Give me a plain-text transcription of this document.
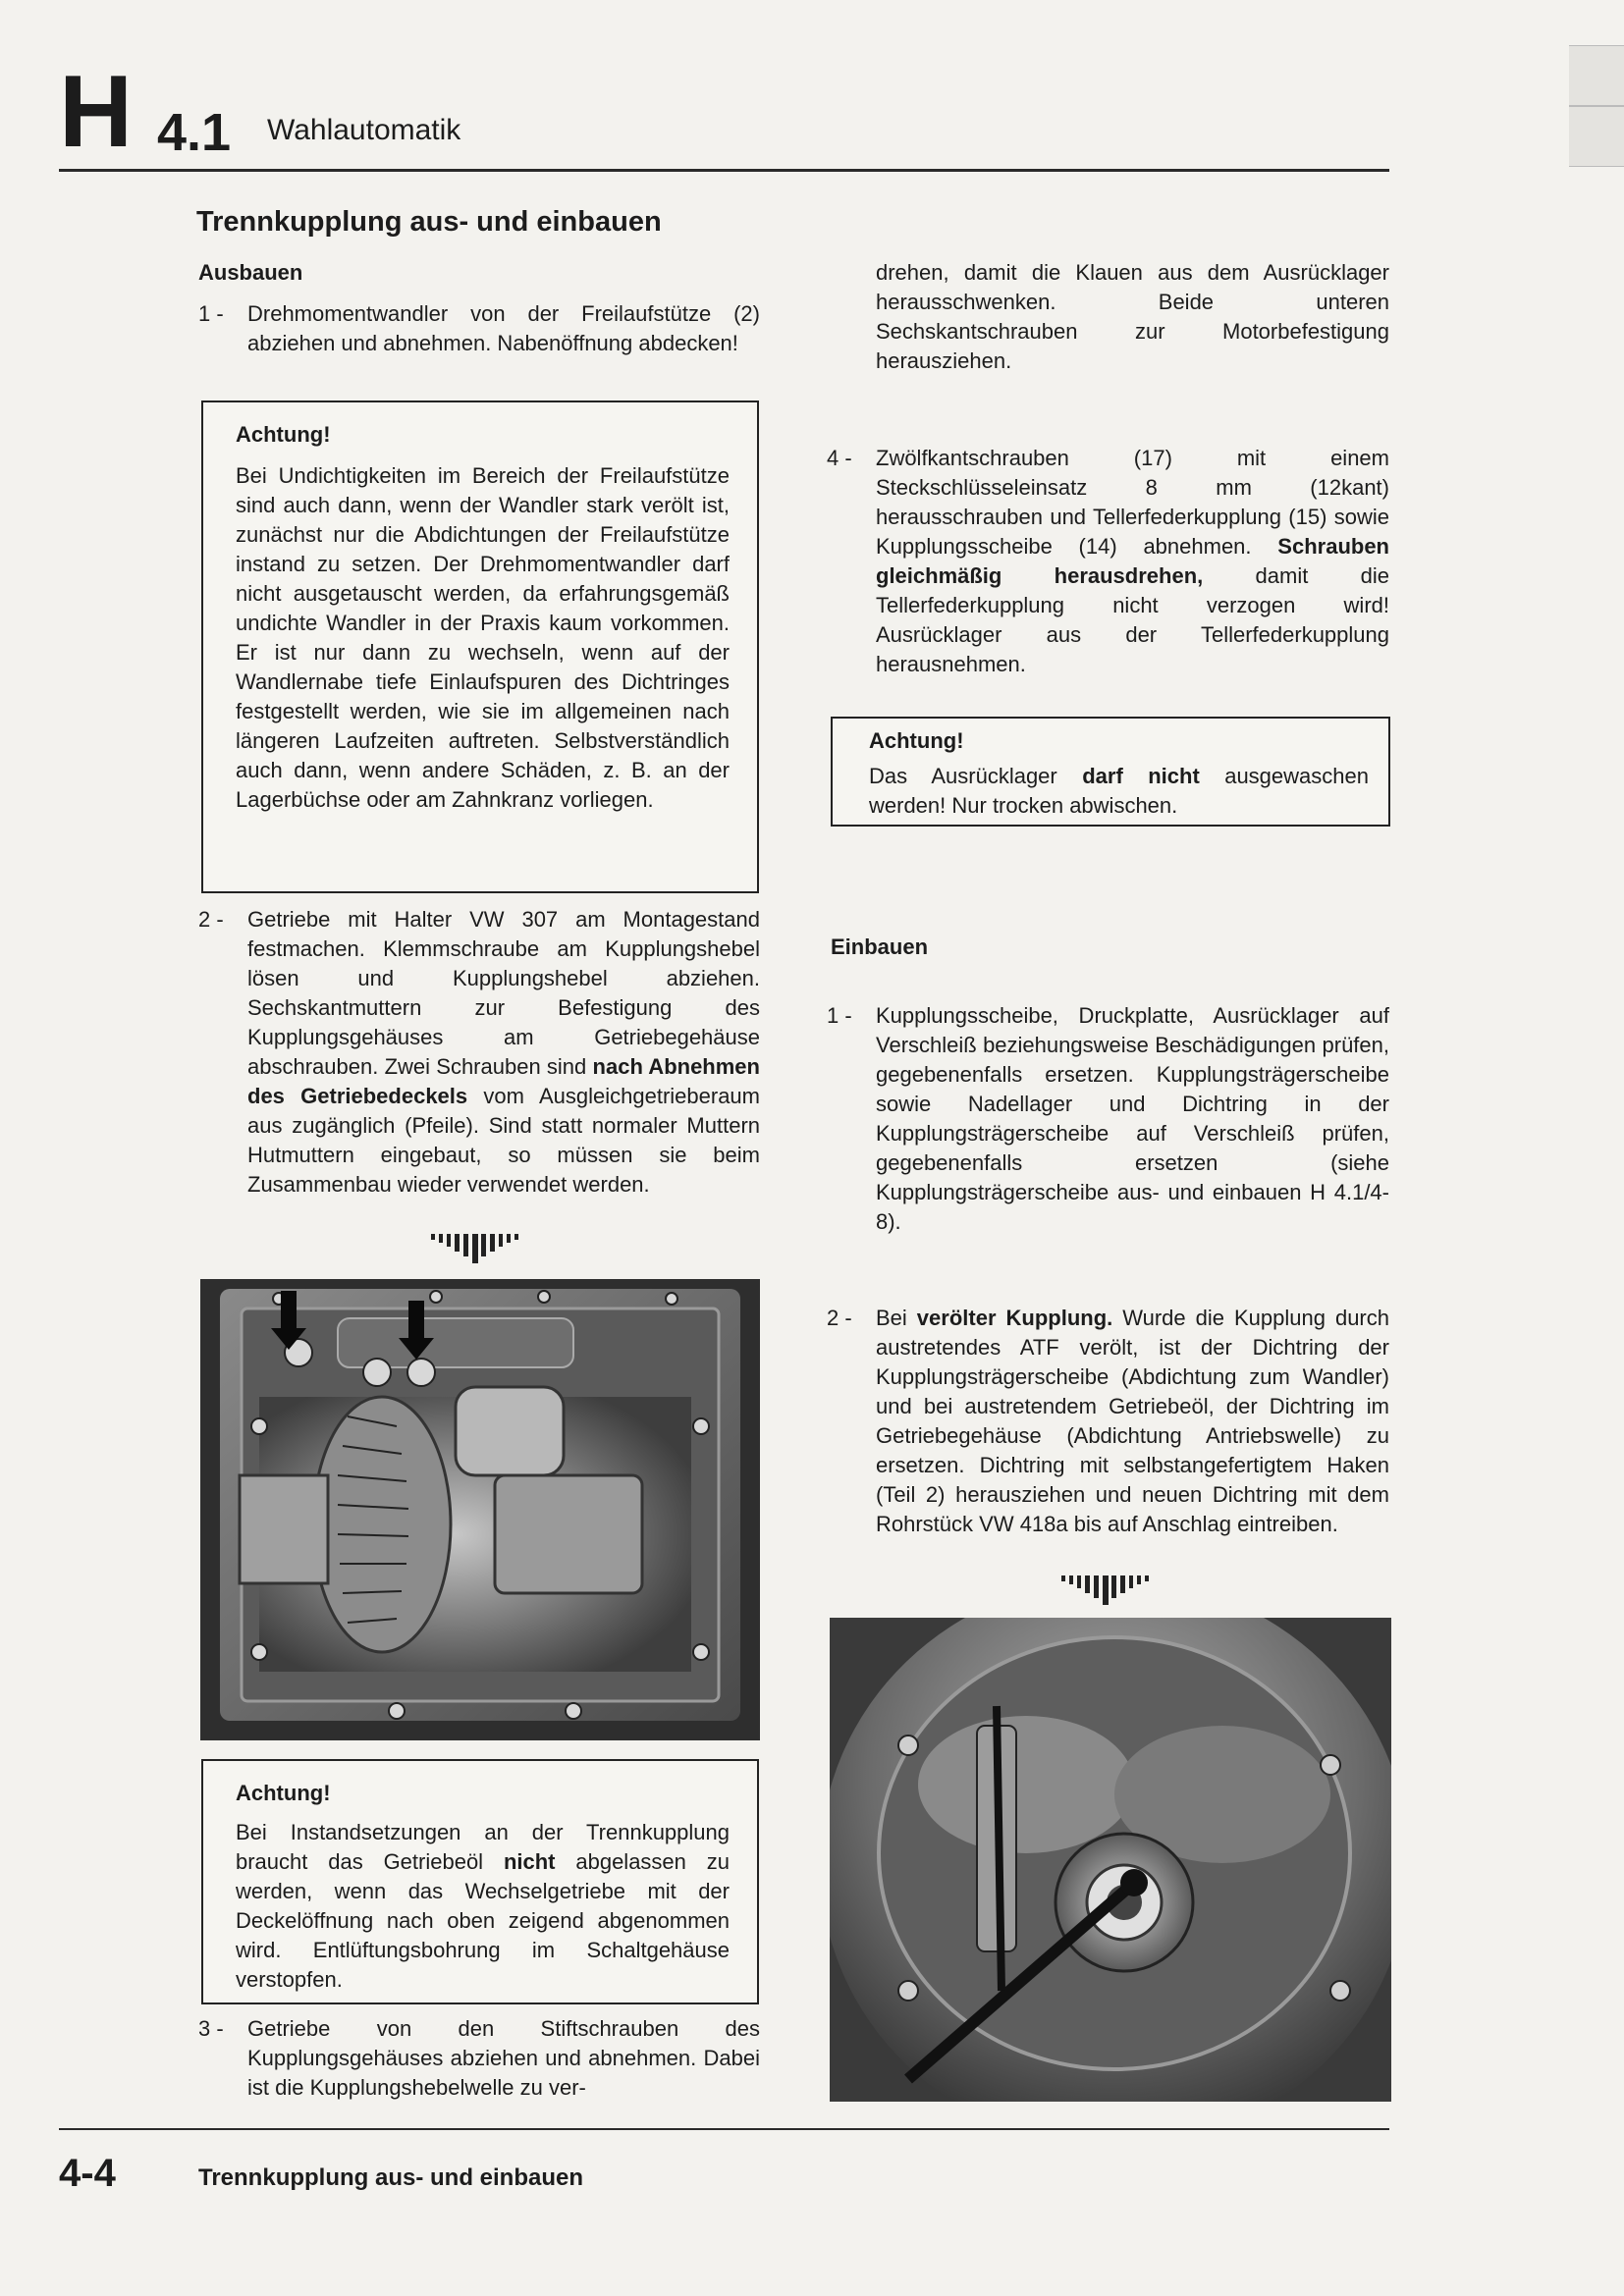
H 4.1 Wahlautomatik
Trennkupplung aus- und einbauen
Ausbauen
1 - Drehmomentwandler von der Freilaufstütze (2) abziehen und abnehmen. Nabenöffnung abdecken!
Achtung!
Bei Undichtigkeiten im Bereich der Freilaufstütze sind auch dann, wenn der Wandler stark verölt ist, zunächst nur die Abdichtungen der Freilaufstütze instand zu setzen. Der Drehmomentwandler darf nicht ausgetauscht werden, da erfahrungsgemäß undichte Wandler in der Praxis kaum vorkommen. Er ist nur dann zu wechseln, wenn auf der Wandlernabe tiefe Einlaufspuren des Dichtringes festgestellt werden, wie sie im allgemeinen nach längeren Laufzeiten auftreten. Selbstverständlich auch dann, wenn andere Schäden, z. B. an der Lagerbüchse oder am Zahnkranz vorliegen.
2 - Getriebe mit Halter VW 307 am Montagestand festmachen. Klemmschraube am Kupplungshebel lösen und Kupplungshebel abziehen. Sechskantmuttern zur Befestigung des Kupplungsgehäuses am Getriebegehäuse abschrauben. Zwei Schrauben sind nach Abnehmen des Getriebedeckels vom Ausgleichgetrieberaum aus zugänglich (Pfeile). Sind statt normaler Muttern Hutmuttern eingebaut, so müssen sie beim Zusammenbau wieder verwendet werden.
Achtung!
Bei Instandsetzungen an der Trennkupplung braucht das Getriebeöl nicht abgelassen zu werden, wenn das Wechselgetriebe mit der Deckelöffnung nach oben zeigend abgenommen wird. Entlüftungsbohrung im Schaltgehäuse verstopfen.
3 - Getriebe von den Stiftschrauben des Kupplungsgehäuses abziehen und abnehmen. Dabei ist die Kupplungshebelwelle zu ver-

drehen, damit die Klauen aus dem Ausrücklager herausschwenken. Beide unteren Sechskantschrauben zur Motorbefestigung herausziehen.

4 - Zwölfkantschrauben (17) mit einem Steckschlüsseleinsatz 8 mm (12kant) herausschrauben und Tellerfederkupplung (15) sowie Kupplungsscheibe (14) abnehmen. Schrauben gleichmäßig herausdrehen, damit die Tellerfederkupplung nicht verzogen wird! Ausrücklager aus der Tellerfederkupplung herausnehmen.
Achtung!
Das Ausrücklager darf nicht ausgewaschen werden! Nur trocken abwischen.
Einbauen
1 - Kupplungsscheibe, Druckplatte, Ausrücklager auf Verschleiß beziehungsweise Beschädigungen prüfen, gegebenenfalls ersetzen. Kupplungsträgerscheibe sowie Nadellager und Dichtring in der Kupplungsträgerscheibe auf Verschleiß prüfen, gegebenenfalls ersetzen (siehe Kupplungsträgerscheibe aus- und einbauen H 4.1/4-8).
2 - Bei verölter Kupplung. Wurde die Kupplung durch austretendes ATF verölt, ist der Dichtring der Kupplungsträgerscheibe (Abdichtung zum Wandler) und bei austretendem Getriebeöl, der Dichtring im Getriebegehäuse (Abdichtung Antriebswelle) zu ersetzen. Dichtring mit selbstangefertigtem Haken (Teil 2) herausziehen und neuen Dichtring mit dem Rohrstück VW 418a bis auf Anschlag eintreiben.
4-4	Trennkupplung aus- und einbauen
